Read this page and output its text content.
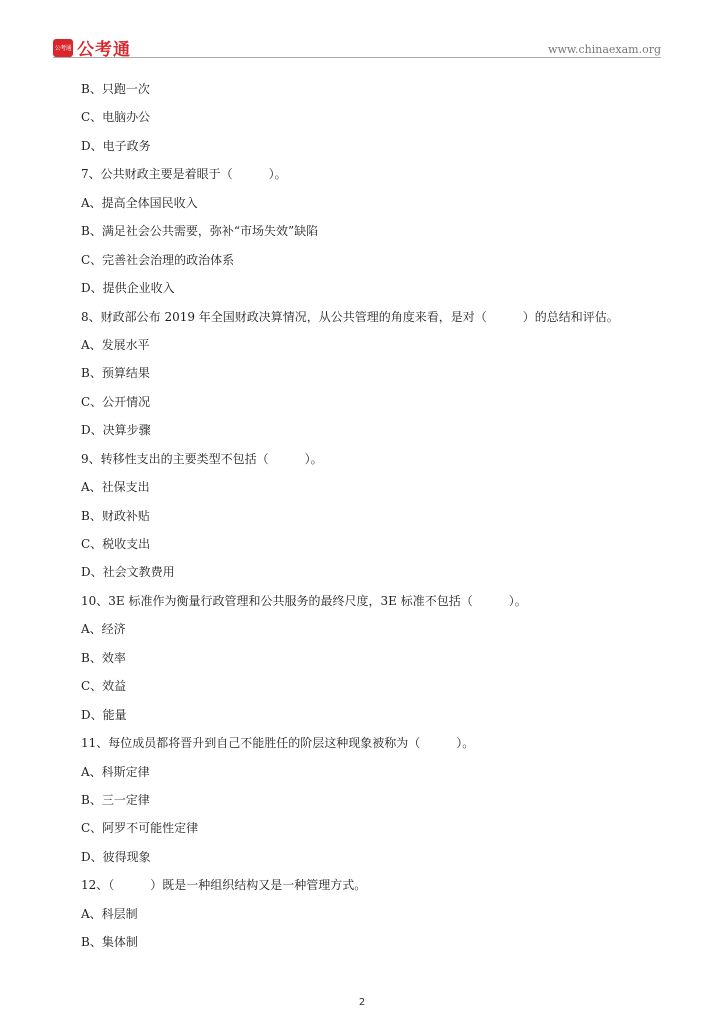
公考通 公考通	www.chinaexam.org
B、只跑一次
C、电脑办公
D、电子政务
7、公共财政主要是着眼于（　　　）。
A、提高全体国民收入
B、满足社会公共需要，弥补“市场失效”缺陷
C、完善社会治理的政治体系
D、提供企业收入
8、财政部公布 2019 年全国财政决算情况，从公共管理的角度来看，是对（　　　）的总结和评估。
A、发展水平
B、预算结果
C、公开情况
D、决算步骤
9、转移性支出的主要类型不包括（　　　）。
A、社保支出
B、财政补贴
C、税收支出
D、社会文教费用
10、3E 标准作为衡量行政管理和公共服务的最终尺度，3E 标准不包括（　　　）。
A、经济
B、效率
C、效益
D、能量
11、每位成员都将晋升到自己不能胜任的阶层这种现象被称为（　　　）。
A、科斯定律
B、三一定律
C、阿罗不可能性定律
D、彼得现象
12、（　　　）既是一种组织结构又是一种管理方式。
A、科层制
B、集体制
2
